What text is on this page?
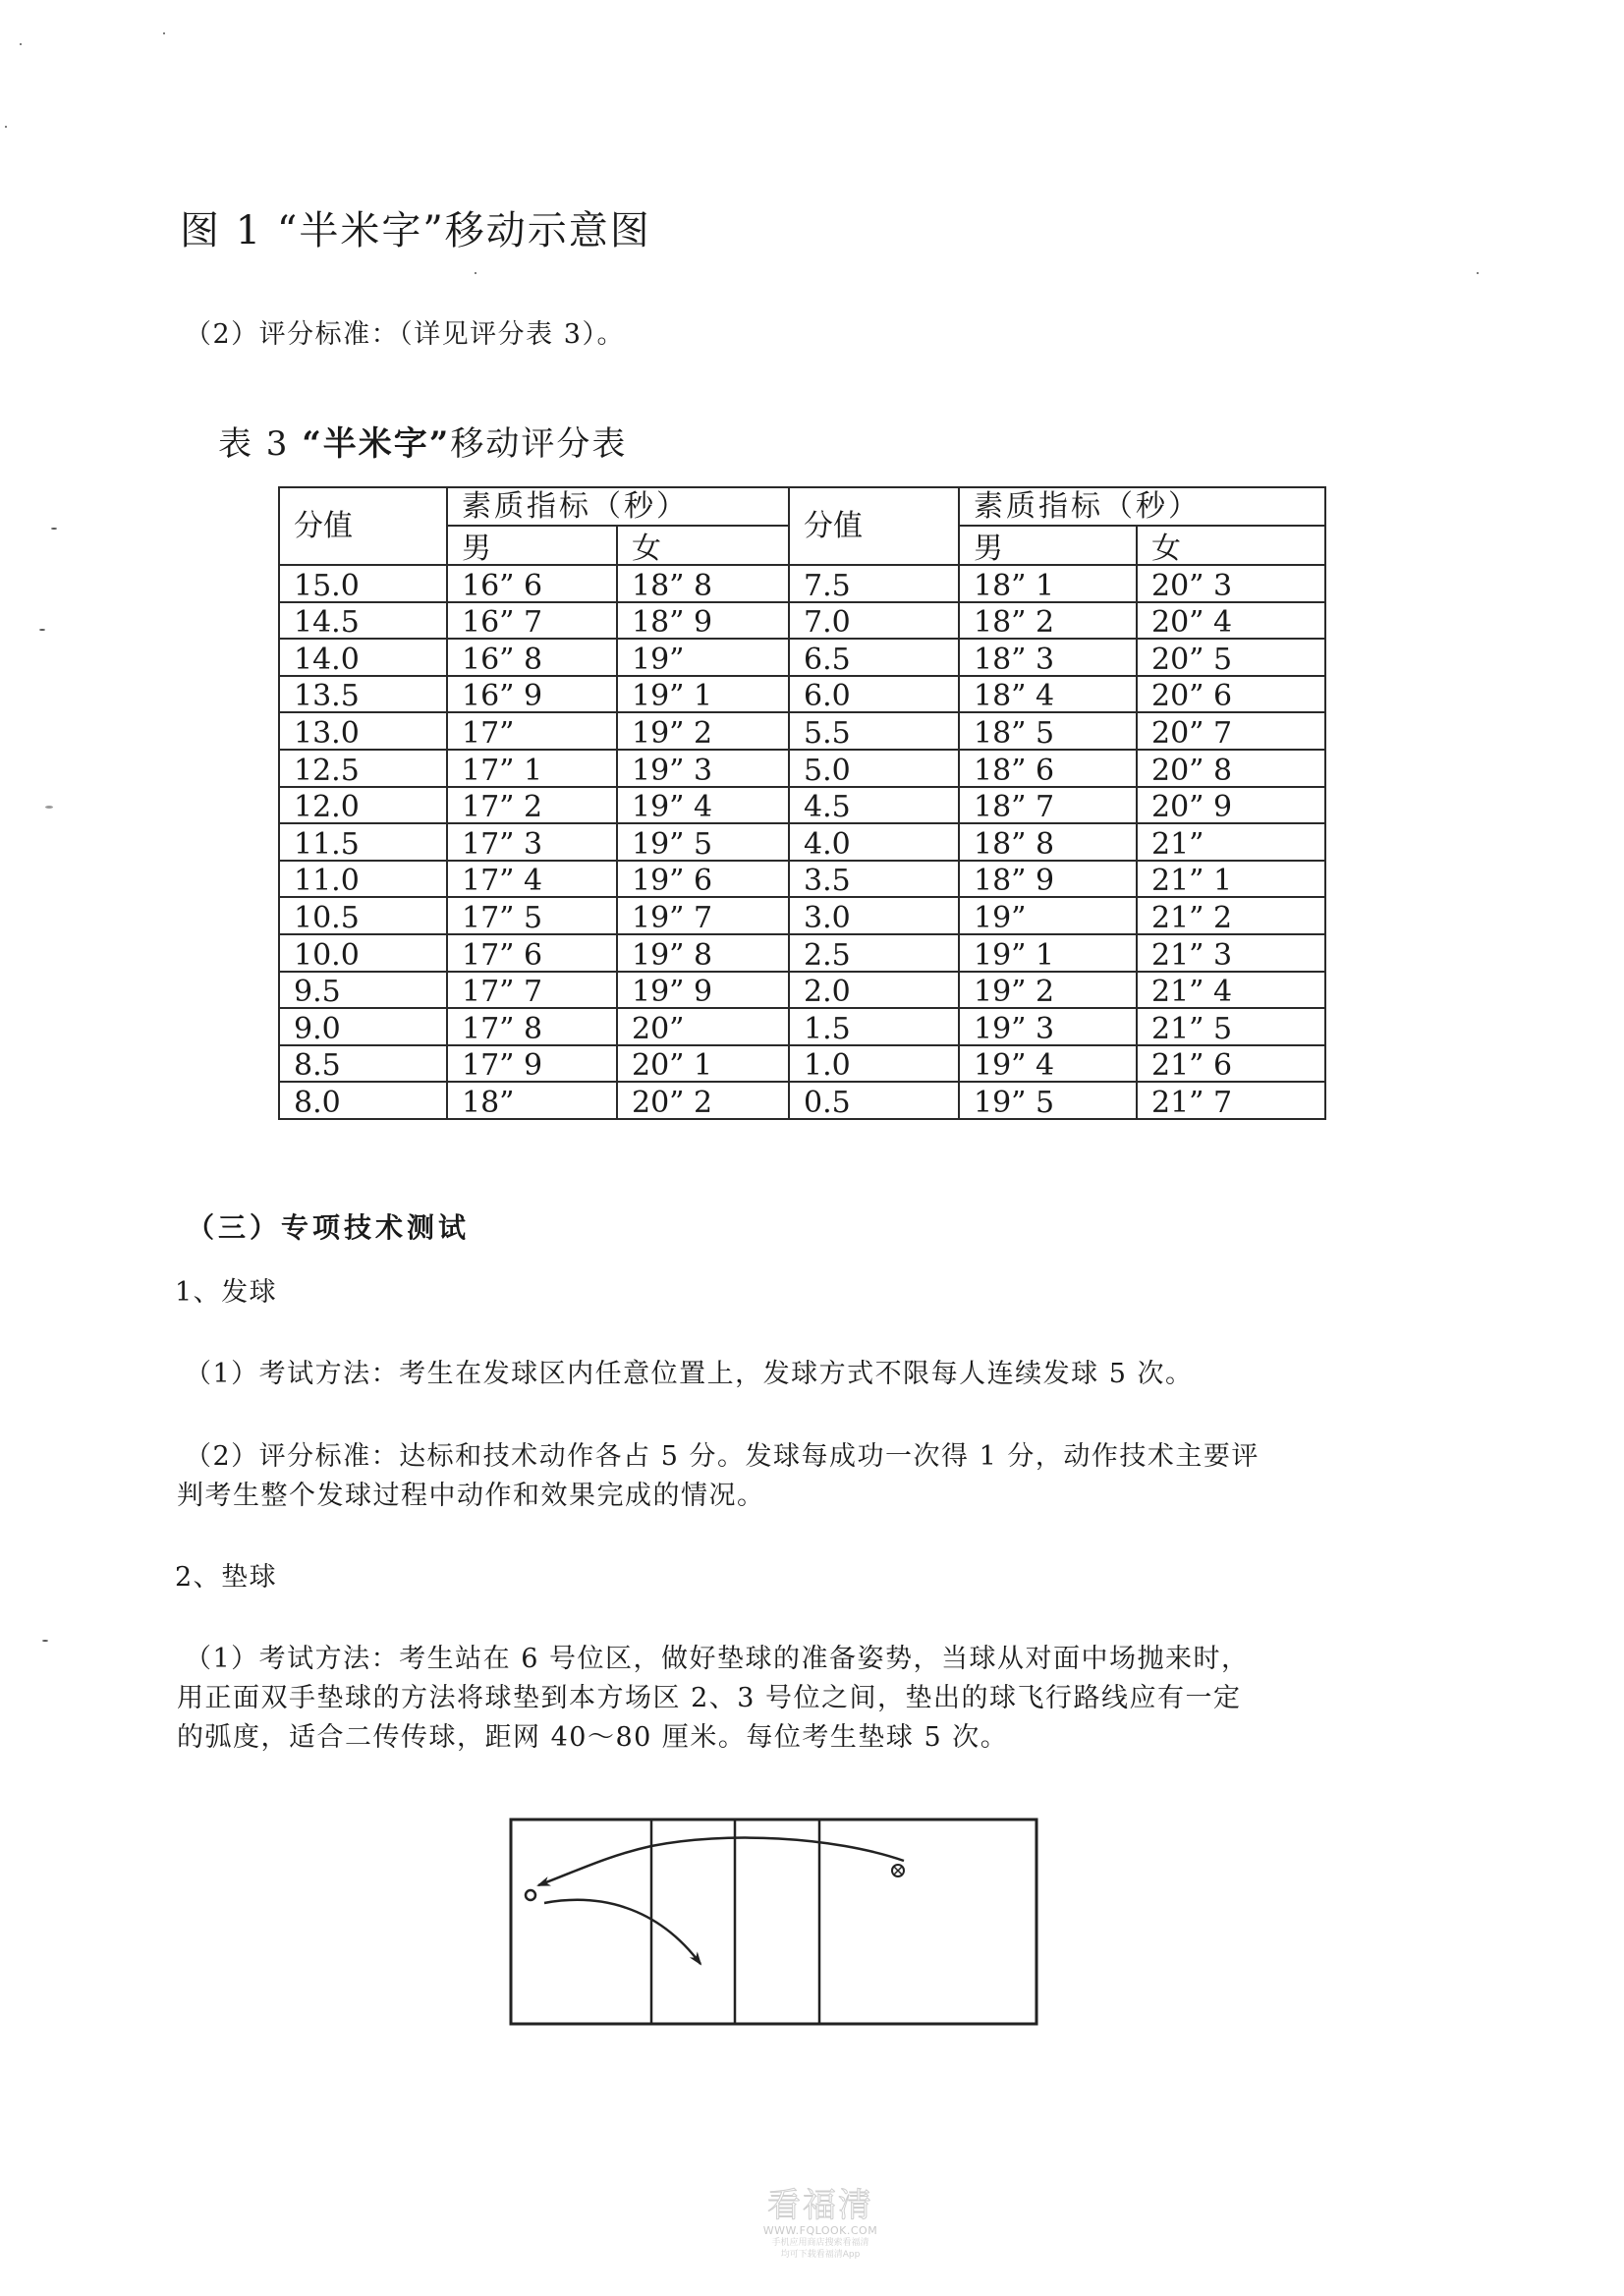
图 1 “半米字”移动示意图
（2）评分标准：（详见评分表 3）。
表 3 “半米字”移动评分表
分值	素质指标（秒）		分值	素质指标（秒）	
	男	女		男	女
15.0	16” 6	18” 8	7.5	18” 1	20” 3
14.5	16” 7	18” 9	7.0	18” 2	20” 4
14.0	16” 8	19”	6.5	18” 3	20” 5
13.5	16” 9	19” 1	6.0	18” 4	20” 6
13.0	17”	19” 2	5.5	18” 5	20” 7
12.5	17” 1	19” 3	5.0	18” 6	20” 8
12.0	17” 2	19” 4	4.5	18” 7	20” 9
11.5	17” 3	19” 5	4.0	18” 8	21”
11.0	17” 4	19” 6	3.5	18” 9	21” 1
10.5	17” 5	19” 7	3.0	19”	21” 2
10.0	17” 6	19” 8	2.5	19” 1	21” 3
9.5	17” 7	19” 9	2.0	19” 2	21” 4
9.0	17” 8	20”	1.5	19” 3	21” 5
8.5	17” 9	20” 1	1.0	19” 4	21” 6
8.0	18”	20” 2	0.5	19” 5	21” 7
（三）专项技术测试
1、发球
（1）考试方法：考生在发球区内任意位置上，发球方式不限每人连续发球 5 次。
（2）评分标准：达标和技术动作各占 5 分。发球每成功一次得 1 分，动作技术主要评
判考生整个发球过程中动作和效果完成的情况。
2、垫球
（1）考试方法：考生站在 6 号位区，做好垫球的准备姿势，当球从对面中场抛来时，
用正面双手垫球的方法将球垫到本方场区 2、3 号位之间，垫出的球飞行路线应有一定
的弧度，适合二传传球，距网 40～80 厘米。每位考生垫球 5 次。
看福清
WWW.FQLOOK.COM
手机应用商店搜索看福清
均可下载看福清App
